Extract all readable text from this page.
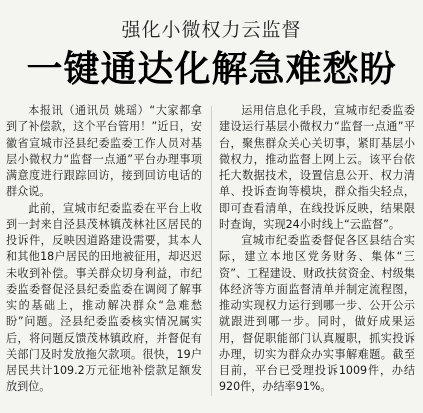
强化小微权力云监督
一键通达化解急难愁盼

本报讯（通讯员 姚瑶）“大家都拿到了补偿款，这个平台管用！”近日，安徽省宣城市泾县纪委监委工作人员对基层小微权力“监督一点通”平台办理事项满意度进行跟踪回访，接到回访电话的群众说。

此前，宣城市纪委监委在平台上收到一封来自泾县茂林镇茂林社区居民的投诉件，反映因道路建设需要，其本人和其他18户居民的田地被征用，却迟迟未收到补偿。事关群众切身利益，市纪委监委督促泾县纪委监委在调阅了解事实的基础上，推动解决群众“急难愁盼”问题。泾县纪委监委核实情况属实后，将问题反馈茂林镇政府，并督促有关部门及时发放拖欠款项。很快，19户居民共计109.2万元征地补偿款足额发放到位。

运用信息化手段，宣城市纪委监委建设运行基层小微权力“监督一点通”平台，聚焦群众关心关切事，紧盯基层小微权力，推动监督上网上云。该平台依托大数据技术，设置信息公开、权力清单、投诉查询等模块，群众指尖轻点，即可查看清单，在线投诉反映，结果限时查询，实现24小时线上“云监督”。

宣城市纪委监委督促各区县结合实际，建立本地区党务财务、集体“三资”、工程建设、财政扶贫资金、村级集体经济等方面监督清单并制定流程图，推动实现权力运行到哪一步、公开公示就跟进到哪一步。同时，做好成果运用，督促职能部门认真履职，抓实投诉办理，切实为群众办实事解难题。截至目前，平台已受理投诉1009件，办结920件，办结率91%。
